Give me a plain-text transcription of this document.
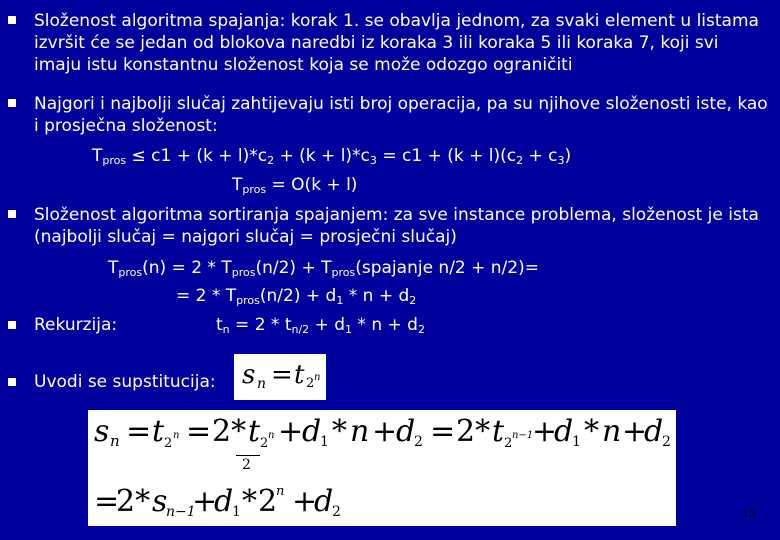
Složenost algoritma spajanja: korak 1. se obavlja jednom, za svaki element u listama izvršit će se jedan od blokova naredbi iz koraka 3 ili koraka 5 ili koraka 7, koji svi imaju istu konstantnu složenost koja se može odozgo ograničiti
Najgori i najbolji slučaj zahtijevaju isti broj operacija, pa su njihove složenosti iste, kao i prosječna složenost:
$T_{pros} \le c1 + (k + l)*c_2 + (k + l)*c_3 = c1 + (k + l)(c_2 + c_3)$
$T_{pros} = O(k + l)$
Složenost algoritma sortiranja spajanjem: za sve instance problema, složenost je ista (najbolji slučaj = najgori slučaj = prosječni slučaj)
$T_{pros}(n) = 2 * T_{pros}(n/2)$ + $T_{pros}(spajanje$ n/2 + n/2)=
= $2 * T_{pros}(n/2) + d_1 * n + d_2$
Rekurzija:	$t_n = 2 * t_{n/2} + d_1 * n + d_2$
Uvodi se supstitucija: s n = t 2 n
s n = t 2
n = 2* t 2
n +
d
1 * n +
d
2 = 2* t 2
n−1
+
d
1 * n +
d
2
2
=
2* s
n−1
+
d
1 * 2
n +
d
2	15
